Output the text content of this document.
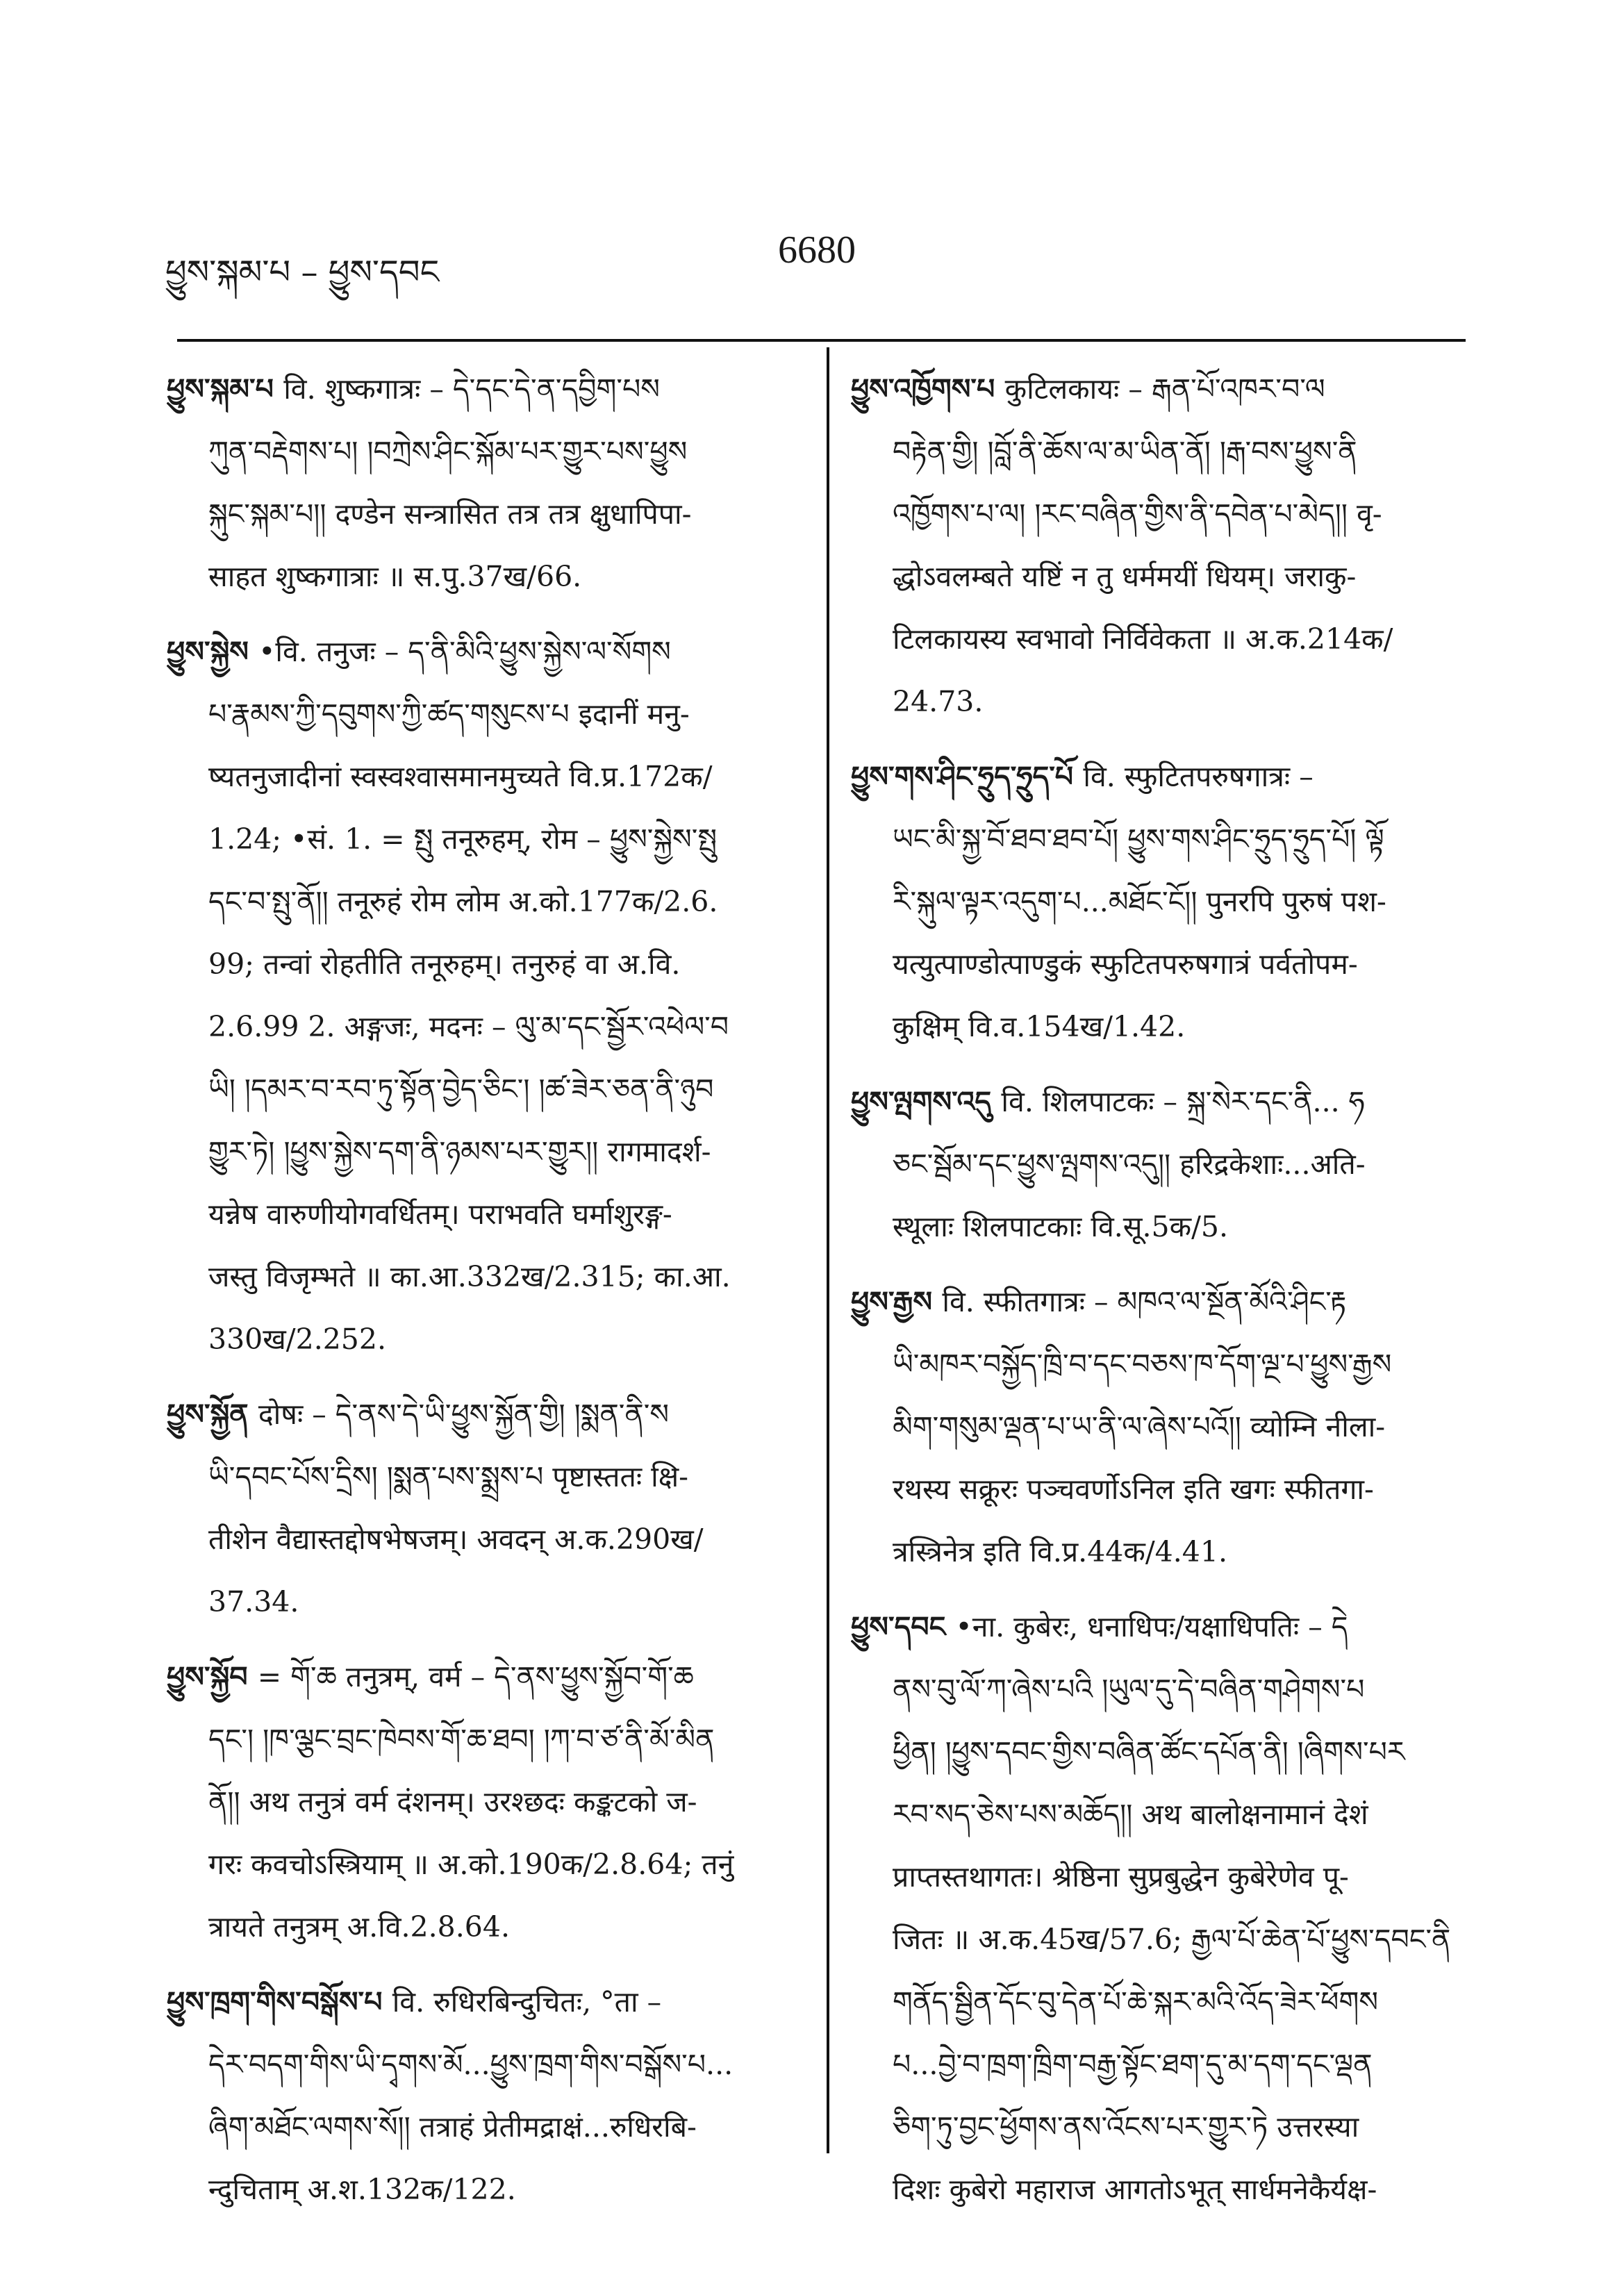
ཕྱུས་སྐམ་པ – ཕྱུས་དབང
6680
ཕྱུས་སྐམ་པ वि. शुष्कगात्रः – དེ་དང་དེ་ན་དབྱིག་པས
ཀུན་བརྡེགས་པ། །བཀྲེས་ཤིང་སྐོམ་པར་གྱུར་པས་ཕྱུས
སྐུང་སྐམ་པ།། दण्डेन सन्त्रासित तत्र तत्र क्षुधापिपा-
साहत शुष्कगात्राः ॥ स.पु.37ख/66.
ཕྱུས་སྐྱེས •वि. तनुजः – ད་ནི་མིའི་ཕྱུས་སྐྱེས་ལ་སོགས
པ་རྣམས་ཀྱི་དབུགས་ཀྱི་ཚད་གསུངས་པ इदानीं मनु-
ष्यतनुजादीनां स्वस्वश्वासमानमुच्यते वि.प्र.172क/
1.24; •सं. 1. = སྤུ तनूरुहम्, रोम – ཕྱུས་སྐྱེས་སྤུ
དང་བ་སྤུ་ནོ།། तनूरुहं रोम लोम अ.को.177क/2.6.
99; तन्वां रोहतीति तनूरुहम्। तनुरुहं वा अ.वि.
2.6.99 2. अङ्गजः, मदनः – ལུ་མ་དང་སྦྱོར་འཕེལ་བ
ཡི། །དམར་བ་རབ་ཏུ་སྟོན་བྱེད་ཅིང་། །ཚ་ཟེར་ཅན་ནི་ཉུབ
གྱུར་ཏེ། །ཕྱུས་སྐྱེས་དག་ནི་ཉམས་པར་གྱུར།། रागमादर्श-
यन्नेष वारुणीयोगवर्धितम्। पराभवति घर्माशुरङ्ग-
जस्तु विजृम्भते ॥ का.आ.332ख/2.315; का.आ.
330ख/2.252.
ཕྱུས་སྐྱོན दोषः – དེ་ནས་དེ་ཡི་ཕྱུས་སྐྱོན་གྱི། །སྨན་ནི་ས
ཡི་དབང་པོས་དྲིས། །སྨན་པས་སྨྲས་པ पृष्टास्ततः क्षि-
तीशेन वैद्यास्तद्दोषभेषजम्। अवदन् अ.क.290ख/
37.34.
ཕྱུས་སྐྱོབ = གོ་ཆ तनुत्रम्, वर्म – དེ་ནས་ཕྱུས་སྐྱོབ་གོ་ཆ
དང་། །ཁ་ལྕང་བྲང་ཁེབས་གོ་ཆ་ཐབ། །ཀ་བ་ཙ་ནི་མོ་མིན
ནོ།། अथ तनुत्रं वर्म दंशनम्। उरश्छदः कङ्कटको ज-
गरः कवचोऽस्त्रियाम् ॥ अ.को.190क/2.8.64; तनुं
त्रायते तनुत्रम् अ.वि.2.8.64.
ཕྱུས་ཁྲག་གིས་བསྒོས་པ वि. रुधिरबिन्दुचितः, °ता –
དེར་བདག་གིས་ཡི་དྭགས་མོ...ཕྱུས་ཁྲག་གིས་བསྒོས་པ...
ཞིག་མཐོང་ལགས་སོ།། तत्राहं प्रेतीमद्राक्षं...रुधिरबि-
न्दुचिताम् अ.श.132क/122.
ཕྱུས་འཁྱོགས་པ कुटिलकायः – རྒན་པོ་འཁར་བ་ལ
བརྟེན་གྱི། །བློ་ནི་ཆོས་ལ་མ་ཡིན་ནོ། །རྒ་བས་ཕྱུས་ནི
འཁྱོགས་པ་ལ། །རང་བཞིན་གྱིས་ནི་དབེན་པ་མེད།། वृ-
द्धोऽवलम्बते यष्टिं न तु धर्ममयीं धियम्। जराकु-
टिलकायस्य स्वभावो निर्विवेकता ॥ अ.क.214क/
24.73.
ཕྱུས་གས་ཤིང་ཧྲུད་ཧྲུད་པོ वि. स्फुटितपरुषगात्रः –
ཡང་མི་སྐྱ་བོ་ཐབ་ཐབ་པོ། ཕྱུས་གས་ཤིང་ཧྲུད་ཧྲུད་པོ། ལྟོ
རི་སྐུལ་ལྟར་འདུག་པ...མཐོང་ངོ།། पुनरपि पुरुषं पश-
यत्युत्पाण्डोत्पाण्डुकं स्फुटितपरुषगात्रं पर्वतोपम-
कुक्षिम् वि.व.154ख/1.42.
ཕྱུས་ལྤགས་འདུ वि. शिलपाटकः – སྐྲ་སེར་དང་ནི... ཧ
ཅང་སྦོམ་དང་ཕྱུས་ལྤགས་འདུ།། हरिद्रकेशाः...अति-
स्थूलाः शिलपाटकाः वि.सू.5क/5.
ཕྱུས་རྒྱས वि. स्फीतगात्रः – མཁའ་ལ་སྔོན་མོའི་ཤིང་རྟ
ཡི་མཁར་བསྐྱོད་ཁྲི་བ་དང་བཅས་ཁ་དོག་ལྔ་པ་ཕྱུས་རྒྱས
མིག་གསུམ་ལྡན་པ་ཡ་ནི་ལ་ཞེས་པའོ།། व्योम्नि नीला-
रथस्य सक्रूरः पञ्चवर्णोऽनिल इति खगः स्फीतगा-
त्रस्त्रिनेत्र इति वि.प्र.44क/4.41.
ཕྱུས་དབང •ना. कुबेरः, धनाधिपः/यक्षाधिपतिः – དེ
ནས་བུ་ལོ་ཀ་ཞེས་པའི །ཡུལ་དུ་དེ་བཞིན་གཤེགས་པ
ཕྱིན། །ཕྱུས་དབང་གྱིས་བཞིན་ཚོང་དཔོན་ནི། །ཞིགས་པར
རབ་སད་ཅེས་པས་མཆོད།། अथ बालोक्षनामानं देशं
प्राप्तस्तथागतः। श्रेष्ठिना सुप्रबुद्धेन कुबेरेणेव पू-
जितः ॥ अ.क.45ख/57.6; རྒྱལ་པོ་ཆེན་པོ་ཕྱུས་དབང་ནི
གནོད་སྦྱིན་དོང་བུ་དེན་པོ་ཆེ་སྐར་མའི་འོད་ཟེར་ཕོགས
པ...བྱེ་བ་ཁྲག་ཁྲིག་བརྒྱ་སྟོང་ཐག་དུ་མ་དག་དང་ལྡན
ཅིག་ཏུ་བྱང་ཕྱོགས་ནས་འོངས་པར་གྱུར་ཏེ उत्तरस्या
दिशः कुबेरो महाराज आगतोऽभूत् सार्धमनेकैर्यक्ष-
